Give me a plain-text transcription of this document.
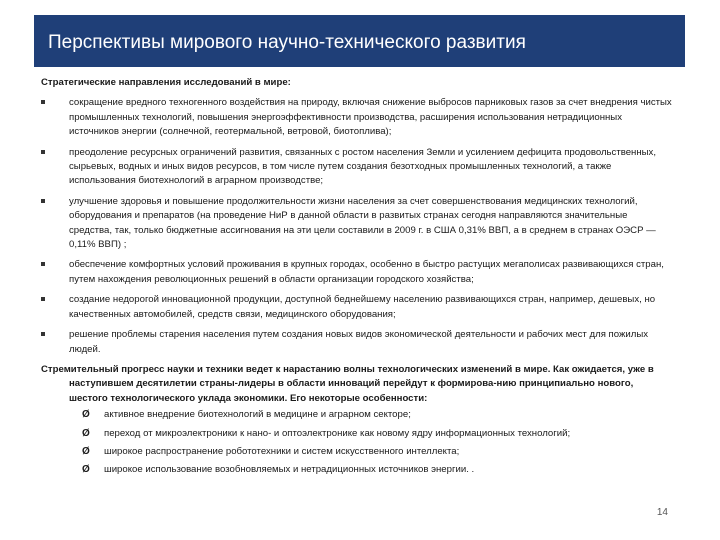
Перспективы мирового научно-технического развития
Стратегические направления исследований в мире:
сокращение вредного техногенного воздействия на природу, включая снижение выбросов парниковых газов за счет внедрения чистых промышленных технологий, повышения энергоэффективности производства, расширения использования нетрадиционных источников энергии (солнечной, геотермальной, ветровой, биотоплива);
преодоление ресурсных ограничений развития, связанных с ростом населения Земли и усилением дефицита продовольственных, сырьевых, водных и иных видов ресурсов, в том числе путем создания безотходных промышленных технологий, а также использования биотехнологий в аграрном производстве;
улучшение здоровья и повышение продолжительности жизни населения за счет совершенствования медицинских технологий, оборудования и препаратов (на проведение НиР в данной области в развитых странах сегодня направляются значительные средства, так, только бюджетные ассигнования на эти цели составили в 2009 г. в США 0,31% ВВП, а в среднем в странах ОЭСР — 0,11% ВВП) ;
обеспечение комфортных условий проживания в крупных городах, особенно в быстро растущих мегаполисах развивающихся стран, путем нахождения революционных решений в области организации городского хозяйства;
создание недорогой инновационной продукции, доступной беднейшему населению развивающихся стран, например, дешевых, но качественных автомобилей, средств связи, медицинского оборудования;
решение проблемы старения населения путем создания новых видов экономической деятельности и рабочих мест для пожилых людей.

Стремительный прогресс науки и техники ведет к нарастанию волны технологических изменений в мире. Как ожидается, уже в наступившем десятилетии страны-лидеры в области инноваций перейдут к формирова-нию принципиально нового, шестого технологического уклада экономики. Его некоторые особенности:

Ø активное внедрение биотехнологий в медицине и аграрном секторе;
Ø переход от микроэлектроники к нано- и оптоэлектронике как новому ядру информационных технологий;
Ø широкое распространение робототехники и систем искусственного интеллекта;
Ø широкое использование возобновляемых и нетрадиционных источников энергии. .
14
